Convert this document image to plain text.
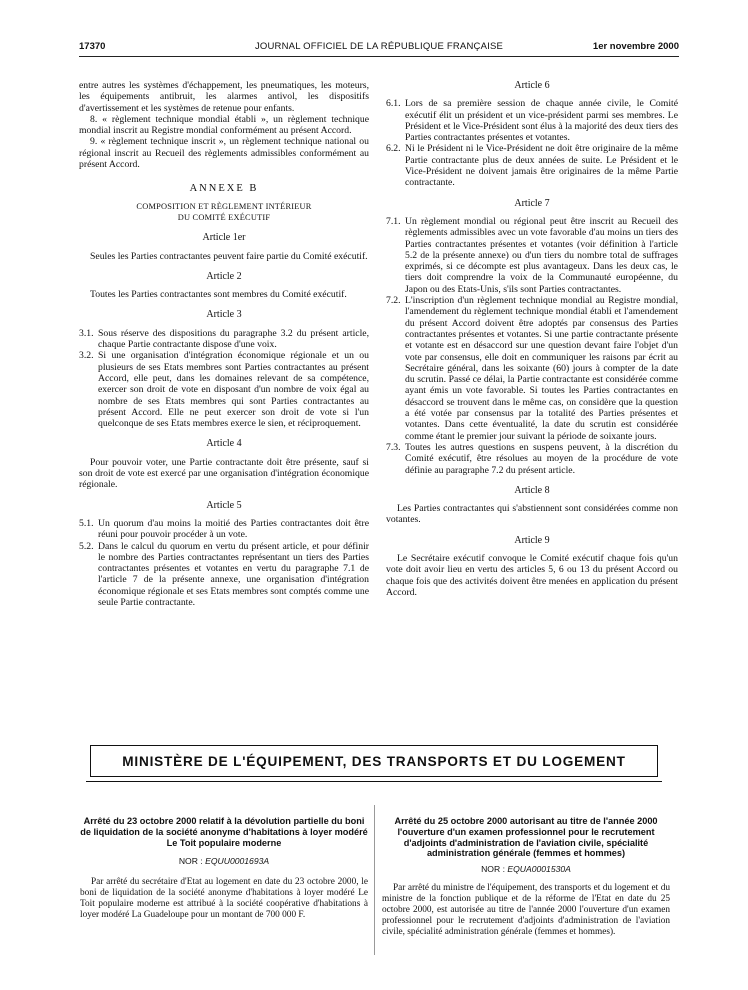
17370	JOURNAL OFFICIEL DE LA RÉPUBLIQUE FRANÇAISE	1er novembre 2000

entre autres les systèmes d'échappement, les pneumatiques, les moteurs, les équipements antibruit, les alarmes antivol, les dispositifs d'avertissement et les systèmes de retenue pour enfants.

8. « règlement technique mondial établi », un règlement technique mondial inscrit au Registre mondial conformément au présent Accord.

9. « règlement technique inscrit », un règlement technique national ou régional inscrit au Recueil des règlements admissibles conformément au présent Accord.

ANNEXE B
COMPOSITION ET RÈGLEMENT INTÉRIEUR
DU COMITÉ EXÉCUTIF
Article 1er

Seules les Parties contractantes peuvent faire partie du Comité exécutif.

Article 2

Toutes les Parties contractantes sont membres du Comité exécutif.

Article 3
3.1. Sous réserve des dispositions du paragraphe 3.2 du présent article, chaque Partie contractante dispose d'une voix.
3.2. Si une organisation d'intégration économique régionale et un ou plusieurs de ses Etats membres sont Parties contractantes au présent Accord, elle peut, dans les domaines relevant de sa compétence, exercer son droit de vote en disposant d'un nombre de voix égal au nombre de ses Etats membres qui sont Parties contractantes au présent Accord. Elle ne peut exercer son droit de vote si l'un quelconque de ses Etats membres exerce le sien, et réciproquement.
Article 4

Pour pouvoir voter, une Partie contractante doit être présente, sauf si son droit de vote est exercé par une organisation d'intégration économique régionale.

Article 5
5.1. Un quorum d'au moins la moitié des Parties contractantes doit être réuni pour pouvoir procéder à un vote.
5.2. Dans le calcul du quorum en vertu du présent article, et pour définir le nombre des Parties contractantes représentant un tiers des Parties contractantes présentes et votantes en vertu du paragraphe 7.1 de l'article 7 de la présente annexe, une organisation d'intégration économique régionale et ses Etats membres sont comptés comme une seule Partie contractante.
Article 6
6.1. Lors de sa première session de chaque année civile, le Comité exécutif élit un président et un vice-président parmi ses membres. Le Président et le Vice-Président sont élus à la majorité des deux tiers des Parties contractantes présentes et votantes.
6.2. Ni le Président ni le Vice-Président ne doit être originaire de la même Partie contractante plus de deux années de suite. Le Président et le Vice-Président ne doivent jamais être originaires de la même Partie contractante.
Article 7
7.1. Un règlement mondial ou régional peut être inscrit au Recueil des règlements admissibles avec un vote favorable d'au moins un tiers des Parties contractantes présentes et votantes (voir définition à l'article 5.2 de la présente annexe) ou d'un tiers du nombre total de suffrages exprimés, si ce décompte est plus avantageux. Dans les deux cas, le tiers doit comprendre la voix de la Communauté européenne, du Japon ou des Etats-Unis, s'ils sont Parties contractantes.
7.2. L'inscription d'un règlement technique mondial au Registre mondial, l'amendement du règlement technique mondial établi et l'amendement du présent Accord doivent être adoptés par consensus des Parties contractantes présentes et votantes. Si une partie contractante présente et votante est en désaccord sur une question devant faire l'objet d'un vote par consensus, elle doit en communiquer les raisons par écrit au Secrétaire général, dans les soixante (60) jours à compter de la date du scrutin. Passé ce délai, la Partie contractante est considérée comme ayant émis un vote favorable. Si toutes les Parties contractantes en désaccord se trouvent dans le même cas, on considère que la question a été votée par consensus par la totalité des Parties présentes et votantes. Dans cette éventualité, la date du scrutin est considérée comme étant le premier jour suivant la période de soixante jours.
7.3. Toutes les autres questions en suspens peuvent, à la discrétion du Comité exécutif, être résolues au moyen de la procédure de vote définie au paragraphe 7.2 du présent article.
Article 8

Les Parties contractantes qui s'abstiennent sont considérées comme non votantes.

Article 9

Le Secrétaire exécutif convoque le Comité exécutif chaque fois qu'un vote doit avoir lieu en vertu des articles 5, 6 ou 13 du présent Accord ou chaque fois que des activités doivent être menées en application du présent Accord.

MINISTÈRE DE L'ÉQUIPEMENT, DES TRANSPORTS ET DU LOGEMENT
Arrêté du 23 octobre 2000 relatif à la dévolution partielle du boni de liquidation de la société anonyme d'habitations à loyer modéré Le Toit populaire moderne
NOR : EQUU0001693A
Par arrêté du secrétaire d'Etat au logement en date du 23 octobre 2000, le boni de liquidation de la société anonyme d'habitations à loyer modéré Le Toit populaire moderne est attribué à la société coopérative d'habitations à loyer modéré La Guadeloupe pour un montant de 700 000 F.
Arrêté du 25 octobre 2000 autorisant au titre de l'année 2000 l'ouverture d'un examen professionnel pour le recrutement d'adjoints d'administration de l'aviation civile, spécialité administration générale (femmes et hommes)
NOR : EQUA0001530A
Par arrêté du ministre de l'équipement, des transports et du logement et du ministre de la fonction publique et de la réforme de l'Etat en date du 25 octobre 2000, est autorisée au titre de l'année 2000 l'ouverture d'un examen professionnel pour le recrutement d'adjoints d'administration de l'aviation civile, spécialité administration générale (femmes et hommes).
